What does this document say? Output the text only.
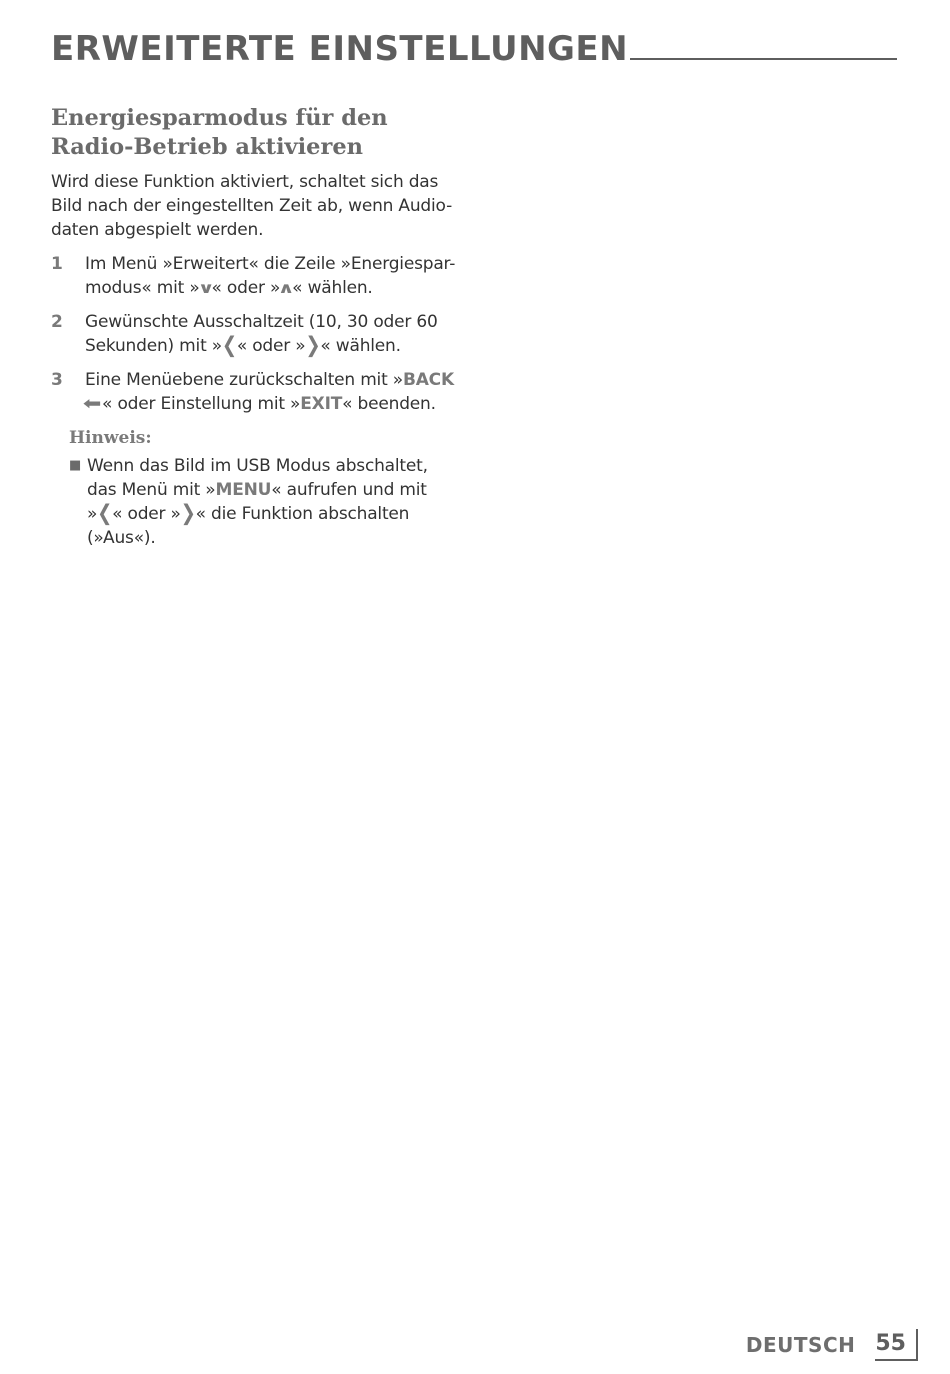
ERWEITERTE EINSTELLUNGEN
Energiesparmodus für den
Radio-Betrieb aktivieren

Wird diese Funktion aktiviert, schaltet sich das
Bild nach der eingestellten Zeit ab, wenn Audio-
daten abgespielt werden.

1	Im Menü »Erweitert« die Zeile »Energiespar-
modus« mit »∨« oder »∧« wählen.
2	Gewünschte Ausschaltzeit (10, 30 oder 60
Sekunden) mit »❮« oder »❯« wählen.
3	Eine Menüebene zurückschalten mit »BACK
⬅« oder Einstellung mit »EXIT« beenden.

Hinweis:

■ Wenn das Bild im USB Modus abschaltet,
das Menü mit »MENU« aufrufen und mit
»❮« oder »❯« die Funktion abschalten
(»Aus«).
DEUTSCH 55
